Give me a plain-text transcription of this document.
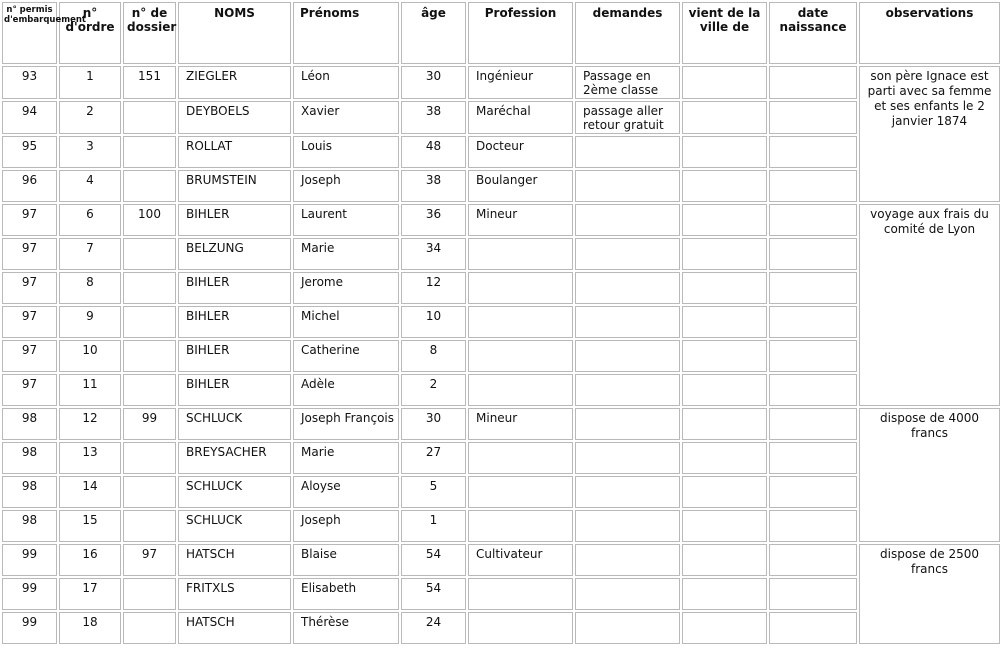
n° permis d'embarquement	n° d'ordre	n° de dossier	NOMS	Prénoms	âge	Profession	demandes	vient de la ville de	date naissance	observations
93	1	151	ZIEGLER	Léon	30	Ingénieur	Passage en 2ème classe			son père Ignace est parti avec sa femme et ses enfants le 2 janvier 1874
94	2		DEYBOELS	Xavier	38	Maréchal	passage aller retour gratuit			
95	3		ROLLAT	Louis	48	Docteur				
96	4		BRUMSTEIN	Joseph	38	Boulanger				
97	6	100	BIHLER	Laurent	36	Mineur				voyage aux frais du comité de Lyon
97	7		BELZUNG	Marie	34					
97	8		BIHLER	Jerome	12					
97	9		BIHLER	Michel	10					
97	10		BIHLER	Catherine	8					
97	11		BIHLER	Adèle	2					
98	12	99	SCHLUCK	Joseph François	30	Mineur				dispose de 4000 francs
98	13		BREYSACHER	Marie	27					
98	14		SCHLUCK	Aloyse	5					
98	15		SCHLUCK	Joseph	1					
99	16	97	HATSCH	Blaise	54	Cultivateur				dispose de 2500 francs
99	17		FRITXLS	Elisabeth	54					
99	18		HATSCH	Thérèse	24					
